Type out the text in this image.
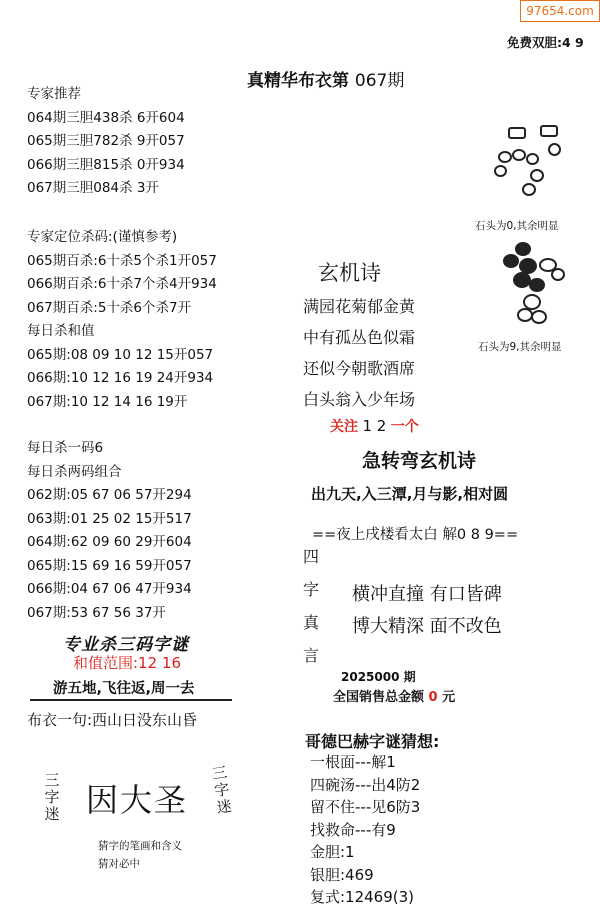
97654.com
免费双胆:4 9
真精华布衣第 067期
专家推荐
064期三胆438杀 6开604
065期三胆782杀 9开057
066期三胆815杀 0开934
067期三胆084杀 3开
专家定位杀码:(谨慎参考)
065期百杀:6十杀5个杀1开057
066期百杀:6十杀7个杀4开934
067期百杀:5十杀6个杀7开
每日杀和值
065期:08 09 10 12 15开057
066期:10 12 16 19 24开934
067期:10 12 14 16 19开
每日杀一码6
每日杀两码组合
062期:05 67 06 57开294
063期:01 25 02 15开517
064期:62 09 60 29开604
065期:15 69 16 59开057
066期:04 67 06 47开934
067期:53 67 56 37开
专业杀三码字谜
和值范围:12 16
游五地,飞往返,周一去
布衣一句:西山日没东山昏
三
字
迷 因大圣
三
字
迷
猜字的笔画和含义
猜对必中
石头为0,其余明显
石头为9,其余明显
玄机诗
满园花菊郁金黄
中有孤丛色似霜
还似今朝歌酒席
白头翁入少年场
关注 1 2 一个
急转弯玄机诗
出九天,入三潭,月与影,相对圆
==夜上戌楼看太白 解0 8 9==
四
字
真
言
横冲直撞 有口皆碑
博大精深 面不改色
2025000 期
全国销售总金额 0 元
哥德巴赫字谜猜想:
一根面---解1
四碗汤---出4防2
留不住---见6防3
找救命---有9
金胆:1
银胆:469
复式:12469(3)
